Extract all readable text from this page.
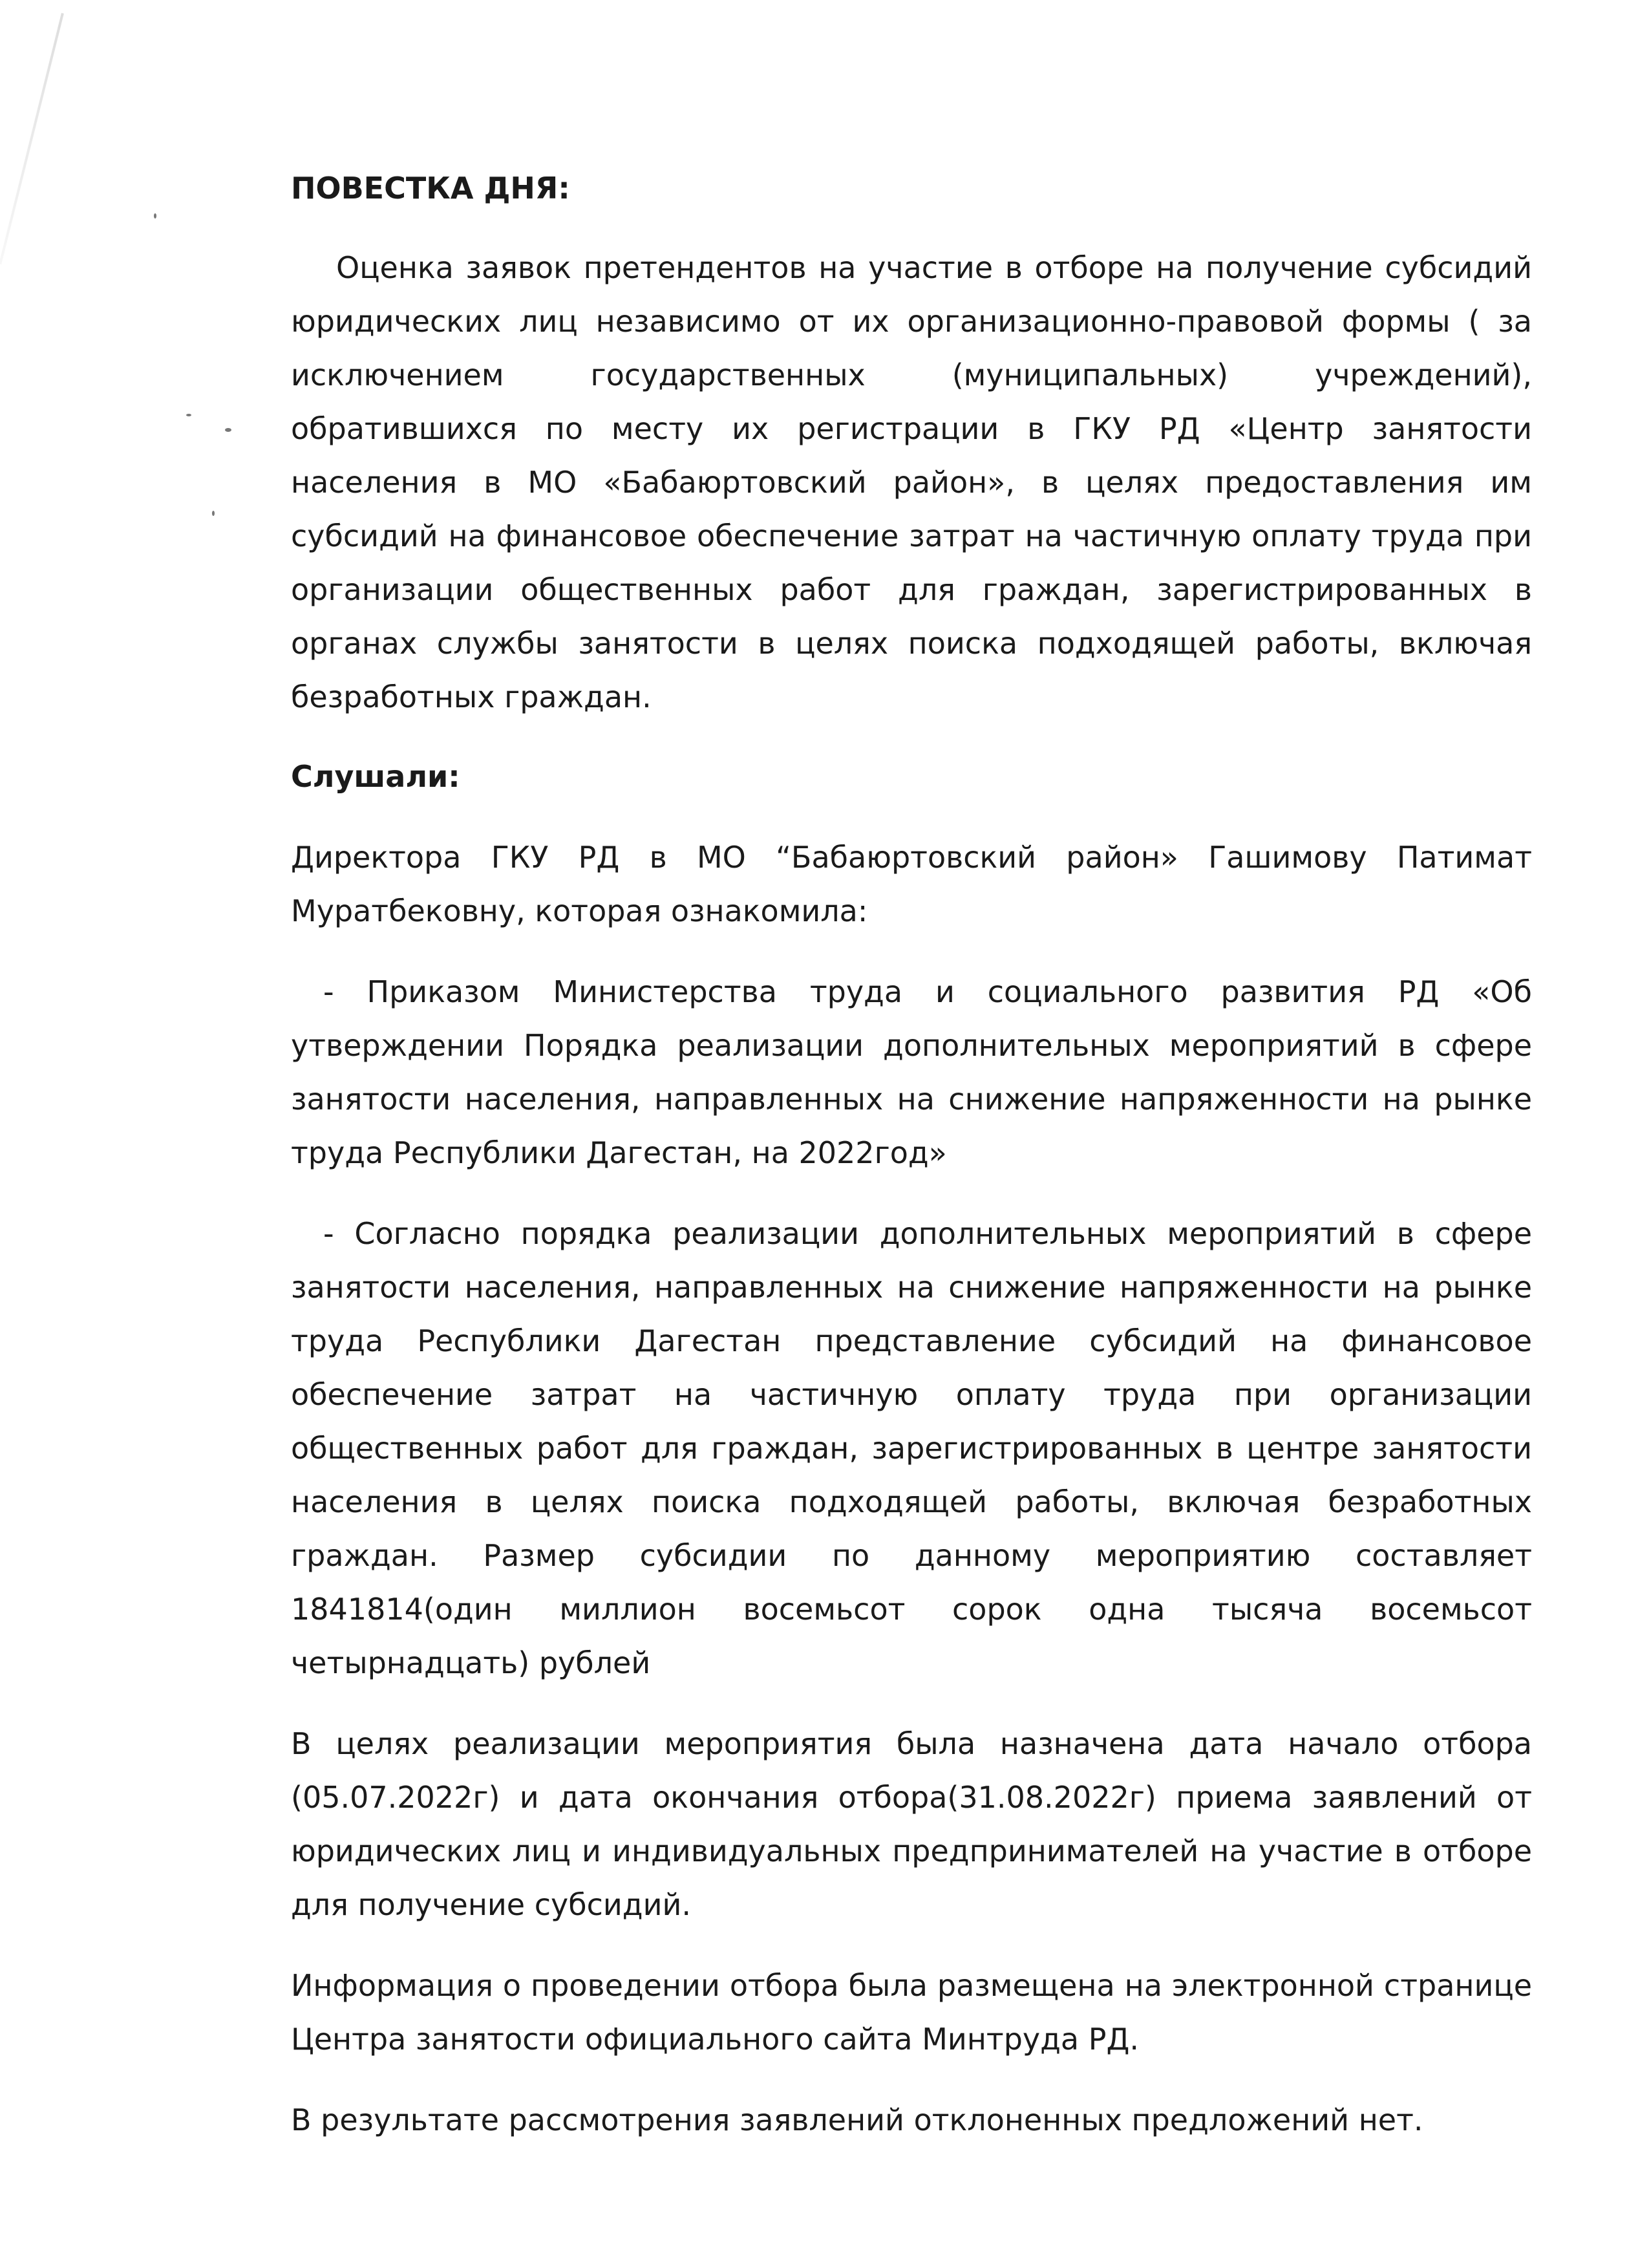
ПОВЕСТКА ДНЯ:

Оценка заявок претендентов на участие в отборе на получение субсидий юридических лиц независимо от их организационно-правовой формы ( за исключением государственных (муниципальных) учреждений), обратившихся по месту их регистрации в ГКУ РД «Центр занятости населения в МО «Бабаюртовский район», в целях предоставления им субсидий на финансовое обеспечение затрат на частичную оплату труда при организации общественных работ для граждан, зарегистрированных в органах службы занятости в целях поиска подходящей работы, включая безработных граждан.

Слушали:

Директора ГКУ РД в МО “Бабаюртовский район» Гашимову Патимат Муратбековну, которая ознакомила:

- Приказом Министерства труда и социального развития РД «Об утверждении Порядка реализации дополнительных мероприятий в сфере занятости населения, направленных на снижение напряженности на рынке труда Республики Дагестан, на 2022год»

- Согласно порядка реализации дополнительных мероприятий в сфере занятости населения, направленных на снижение напряженности на рынке труда Республики Дагестан представление субсидий на финансовое обеспечение затрат на частичную оплату труда при организации общественных работ для граждан, зарегистрированных в центре занятости населения в целях поиска подходящей работы, включая безработных граждан. Размер субсидии по данному мероприятию составляет 1841814(один миллион восемьсот сорок одна тысяча восемьсот четырнадцать) рублей

В целях реализации мероприятия была назначена дата начало отбора (05.07.2022г) и дата окончания отбора(31.08.2022г) приема заявлений от юридических лиц и индивидуальных предпринимателей на участие в отборе для получение субсидий.

Информация о проведении отбора была размещена на электронной странице Центра занятости официального сайта Минтруда РД.

В результате рассмотрения заявлений отклоненных предложений нет.
